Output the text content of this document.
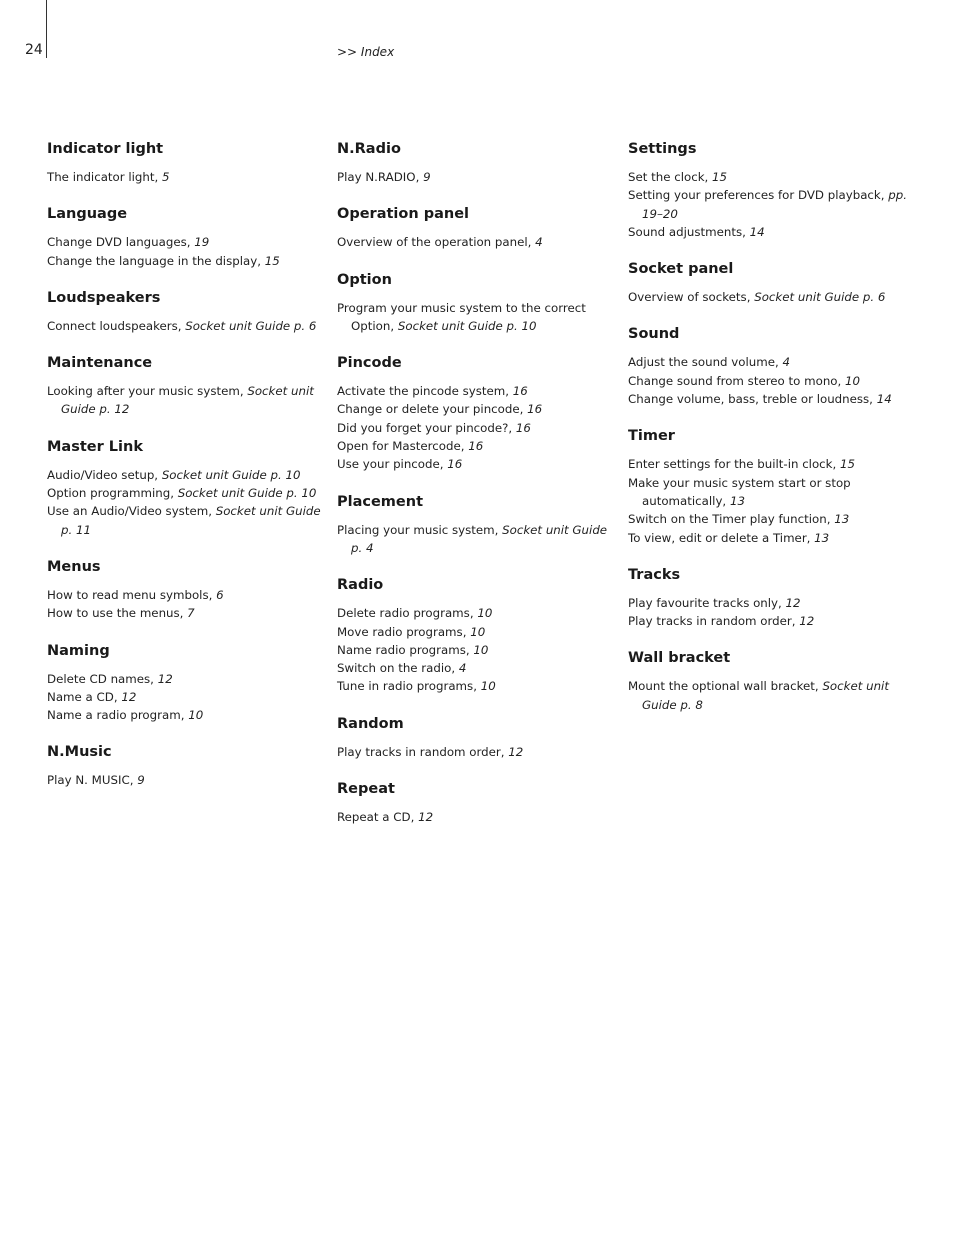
24	>> Index
Indicator light
The indicator light, 5
Language
Change DVD languages, 19
Change the language in the display, 15
Loudspeakers
Connect loudspeakers, Socket unit Guide p. 6
Maintenance
Looking after your music system, Socket unit Guide p. 12
Master Link
Audio/Video setup, Socket unit Guide p. 10
Option programming, Socket unit Guide p. 10
Use an Audio/Video system, Socket unit Guide p. 11
Menus
How to read menu symbols, 6
How to use the menus, 7
Naming
Delete CD names, 12
Name a CD, 12
Name a radio program, 10
N.Music
Play N. MUSIC, 9
N.Radio
Play N.RADIO, 9
Operation panel
Overview of the operation panel, 4
Option
Program your music system to the correct Option, Socket unit Guide p. 10
Pincode
Activate the pincode system, 16
Change or delete your pincode, 16
Did you forget your pincode?, 16
Open for Mastercode, 16
Use your pincode, 16
Placement
Placing your music system, Socket unit Guide p. 4
Radio
Delete radio programs, 10
Move radio programs, 10
Name radio programs, 10
Switch on the radio, 4
Tune in radio programs, 10
Random
Play tracks in random order, 12
Repeat
Repeat a CD, 12
Settings
Set the clock, 15
Setting your preferences for DVD playback, pp. 19–20
Sound adjustments, 14
Socket panel
Overview of sockets, Socket unit Guide p. 6
Sound
Adjust the sound volume, 4
Change sound from stereo to mono, 10
Change volume, bass, treble or loudness, 14
Timer
Enter settings for the built-in clock, 15
Make your music system start or stop automatically, 13
Switch on the Timer play function, 13
To view, edit or delete a Timer, 13
Tracks
Play favourite tracks only, 12
Play tracks in random order, 12
Wall bracket
Mount the optional wall bracket, Socket unit Guide p. 8
